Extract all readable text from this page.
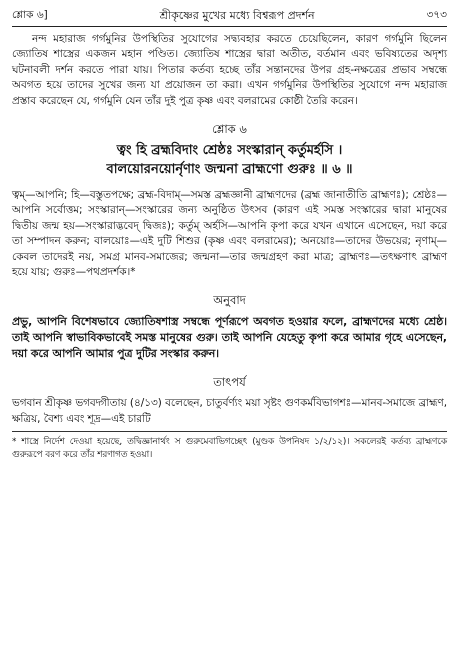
শ্লোক ৬]	শ্রীকৃষ্ণের মুখের মধ্যে বিশ্বরূপ প্রদর্শন	৩৭৩

নন্দ মহারাজ গর্গমুনির উপস্থিতির সুযোগের সদ্ব্যবহার করতে চেয়েছিলেন, কারণ গর্গমুনি ছিলেন জ্যোতিষ শাস্ত্রের একজন মহান পণ্ডিত। জ্যোতিষ শাস্ত্রের দ্বারা অতীত, বর্তমান এবং ভবিষ্যতের অদৃশ্য ঘটনাবলী দর্শন করতে পারা যায়। পিতার কর্তব্য হচ্ছে তাঁর সন্তানদের উপর গ্রহ-নক্ষত্রের প্রভাব সম্বন্ধে অবগত হয়ে তাদের সুখের জন্য যা প্রয়োজন তা করা। এখন গর্গমুনির উপস্থিতির সুযোগে নন্দ মহারাজ প্রস্তাব করেছেন যে, গর্গমুনি যেন তাঁর দুই পুত্র কৃষ্ণ এবং বলরামের কোষ্ঠী তৈরি করেন।

শ্লোক ৬
ত্বং হি ব্রহ্মবিদাং শ্রেষ্ঠঃ সংস্কারান্ কর্তুমর্হসি ।
বালয়োরনয়োর্নৃণাং জন্মনা ব্রাহ্মণো গুরুঃ ॥ ৬ ॥

ত্বম্—আপনি; হি—বস্তুতপক্ষে; ব্রহ্ম-বিদাম্—সমস্ত ব্রহ্মজ্ঞানী ব্রাহ্মণদের (ব্রহ্ম জানাতীতি ব্রাহ্মণঃ); শ্রেষ্ঠঃ—আপনি সর্বোত্তম; সংস্কারান্—সংস্কারের জন্য অনুষ্ঠিত উৎসব (কারণ এই সমস্ত সংস্কারের দ্বারা মানুষের দ্বিতীয় জন্ম হয়—সংস্কারাদ্ভবেদ্ দ্বিজঃ); কর্তুম্ অর্হসি—আপনি কৃপা করে যখন এখানে এসেছেন, দয়া করে তা সম্পাদন করুন; বালয়োঃ—এই দুটি শিশুর (কৃষ্ণ এবং বলরামের); অনয়োঃ—তাদের উভয়ের; নৃণাম্—কেবল তাদেরই নয়, সমগ্র মানব-সমাজের; জন্মনা—তার জন্মগ্রহণ করা মাত্র; ব্রাহ্মণঃ—তৎক্ষণাৎ ব্রাহ্মণ হয়ে যায়; গুরুঃ—পথপ্রদর্শক।*

অনুবাদ

প্রভু, আপনি বিশেষভাবে জ্যোতিষশাস্ত্র সম্বন্ধে পূর্ণরূপে অবগত হওয়ার ফলে, ব্রাহ্মণদের মধ্যে শ্রেষ্ঠ। তাই আপনি স্বাভাবিকভাবেই সমস্ত মানুষের গুরু। তাই আপনি যেহেতু কৃপা করে আমার গৃহে এসেছেন, দয়া করে আপনি আমার পুত্র দুটির সংস্কার করুন।

তাৎপর্য

ভগবান শ্রীকৃষ্ণ ভগবদ্গীতায় (৪/১৩) বলেছেন, চাতুর্বর্ণ্যং ময়া সৃষ্টং গুণকর্মবিভাগশঃ—মানব-সমাজে ব্রাহ্মণ, ক্ষত্রিয়, বৈশ্য এবং শূদ্র—এই চারটি

* শাস্ত্রে নির্দেশ দেওয়া হয়েছে, তদ্বিজ্ঞানার্থং স গুরুমেবাভিগচ্ছেৎ (মুণ্ডক উপনিষদ ১/২/১২)। সকলেরই কর্তব্য ব্রাহ্মণকে গুরুরূপে বরণ করে তাঁর শরণাগত হওয়া।
